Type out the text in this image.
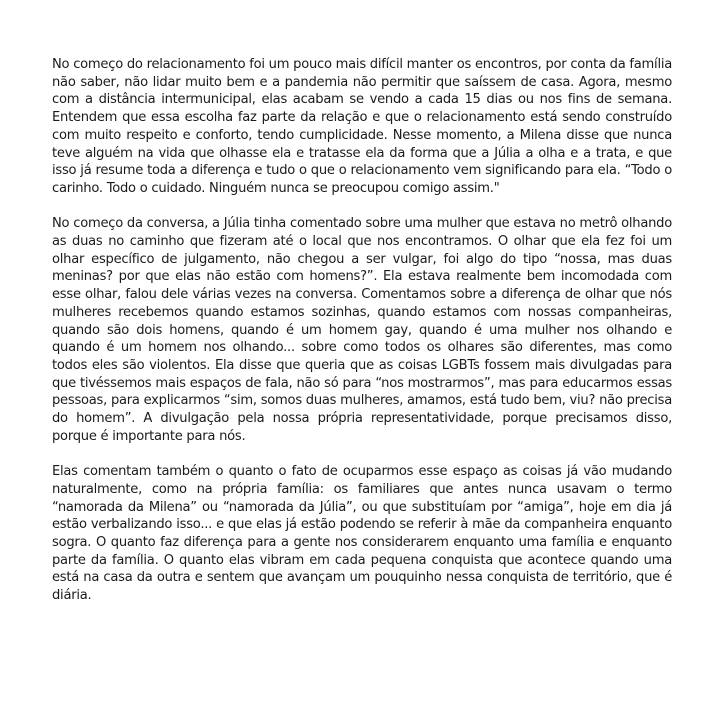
No começo do relacionamento foi um pouco mais difícil manter os encontros, por conta da família não saber, não lidar muito bem e a pandemia não permitir que saíssem de casa. Agora, mesmo com a distância intermunicipal, elas acabam se vendo a cada 15 dias ou nos fins de semana. Entendem que essa escolha faz parte da relação e que o relacionamento está sendo construído com muito respeito e conforto, tendo cumplicidade. Nesse momento, a Milena disse que nunca teve alguém na vida que olhasse ela e tratasse ela da forma que a Júlia a olha e a trata, e que isso já resume toda a diferença e tudo o que o relacionamento vem significando para ela. “Todo o carinho. Todo o cuidado. Ninguém nunca se preocupou comigo assim."

No começo da conversa, a Júlia tinha comentado sobre uma mulher que estava no metrô olhando as duas no caminho que fizeram até o local que nos encontramos. O olhar que ela fez foi um olhar específico de julgamento, não chegou a ser vulgar, foi algo do tipo “nossa, mas duas meninas? por que elas não estão com homens?”. Ela estava realmente bem incomodada com esse olhar, falou dele várias vezes na conversa. Comentamos sobre a diferença de olhar que nós mulheres recebemos quando estamos sozinhas, quando estamos com nossas companheiras, quando são dois homens, quando é um homem gay, quando é uma mulher nos olhando e quando é um homem nos olhando... sobre como todos os olhares são diferentes, mas como todos eles são violentos. Ela disse que queria que as coisas LGBTs fossem mais divulgadas para que tivéssemos mais espaços de fala, não só para “nos mostrarmos”, mas para educarmos essas pessoas, para explicarmos “sim, somos duas mulheres, amamos, está tudo bem, viu? não precisa do homem”. A divulgação pela nossa própria representatividade, porque precisamos disso, porque é importante para nós.

Elas comentam também o quanto o fato de ocuparmos esse espaço as coisas já vão mudando naturalmente, como na própria família: os familiares que antes nunca usavam o termo “namorada da Milena” ou “namorada da Júlia”, ou que substituíam por “amiga”, hoje em dia já estão verbalizando isso... e que elas já estão podendo se referir à mãe da companheira enquanto sogra. O quanto faz diferença para a gente nos considerarem enquanto uma família e enquanto parte da família. O quanto elas vibram em cada pequena conquista que acontece quando uma está na casa da outra e sentem que avançam um pouquinho nessa conquista de território, que é diária.
